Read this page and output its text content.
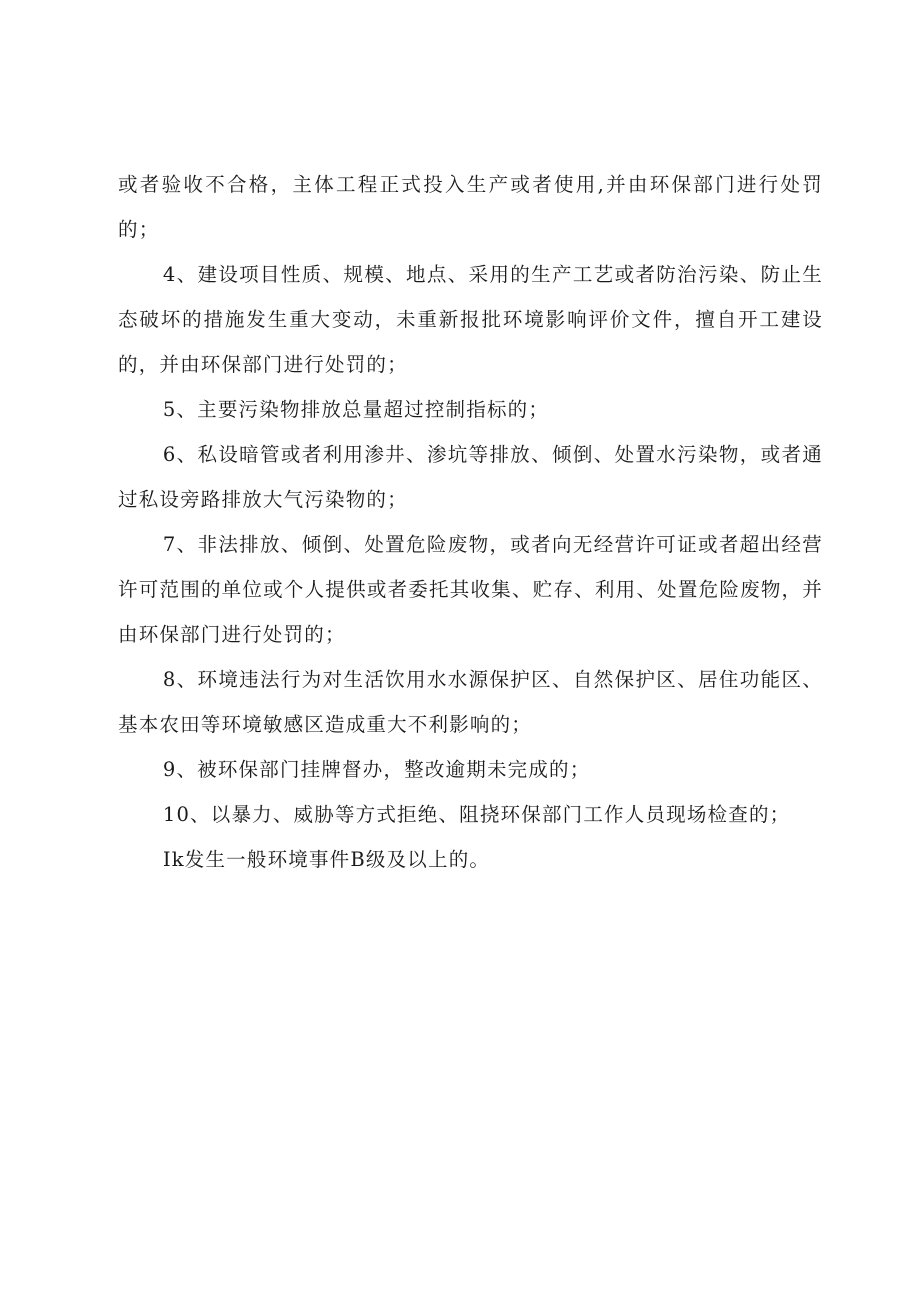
或者验收不合格，主体工程正式投入生产或者使用,并由环保部门进行处罚的；

4、建设项目性质、规模、地点、采用的生产工艺或者防治污染、防止生态破坏的措施发生重大变动，未重新报批环境影响评价文件，擅自开工建设的，并由环保部门进行处罚的；

5、主要污染物排放总量超过控制指标的；

6、私设暗管或者利用渗井、渗坑等排放、倾倒、处置水污染物，或者通过私设旁路排放大气污染物的；

7、非法排放、倾倒、处置危险废物，或者向无经营许可证或者超出经营许可范围的单位或个人提供或者委托其收集、贮存、利用、处置危险废物，并由环保部门进行处罚的；

8、环境违法行为对生活饮用水水源保护区、自然保护区、居住功能区、基本农田等环境敏感区造成重大不利影响的；

9、被环保部门挂牌督办，整改逾期未完成的；

10、以暴力、威胁等方式拒绝、阻挠环保部门工作人员现场检查的；

Ik发生一般环境事件B级及以上的。
